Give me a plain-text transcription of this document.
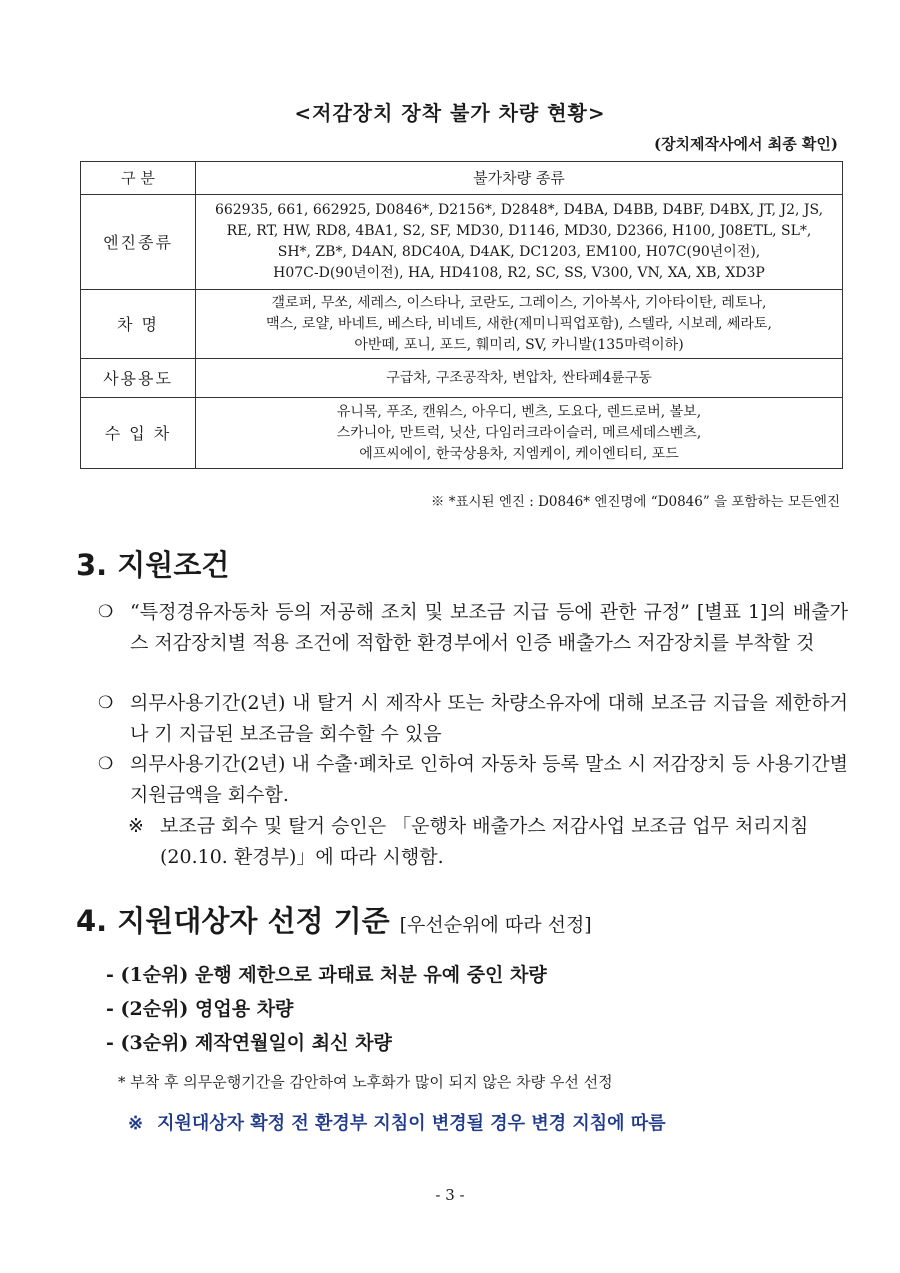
<저감장치 장착 불가 차량 현황>
(장치제작사에서 최종 확인)
구 분	불가차량 종류
엔진종류	662935, 661, 662925, D0846*, D2156*, D2848*, D4BA, D4BB, D4BF, D4BX, JT, J2, JS,
RE, RT, HW, RD8, 4BA1, S2, SF, MD30, D1146, MD30, D2366, H100, J08ETL, SL*,
SH*, ZB*, D4AN, 8DC40A, D4AK, DC1203, EM100, H07C(90년이전),
H07C-D(90년이전), HA, HD4108, R2, SC, SS, V300, VN, XA, XB, XD3P

차 명	갤로퍼, 무쏘, 세레스, 이스타나, 코란도, 그레이스, 기아복사, 기아타이탄, 레토나,
맥스, 로얄, 바네트, 베스타, 비네트, 새한(제미니픽업포함), 스텔라, 시보레, 쎄라토,
아반떼, 포니, 포드, 훼미리, SV, 카니발(135마력이하)

사용용도	구급차, 구조공작차, 변압차, 싼타페4륜구동

수 입 차	유니목, 푸조, 캔워스, 아우디, 벤츠, 도요다, 렌드로버, 볼보,
스카니아, 만트럭, 닛산, 다임러크라이슬러, 메르세데스벤츠,
에프씨에이, 한국상용차, 지엠케이, 케이엔티티, 포드
※ *표시된 엔진 : D0846* 엔진명에 “D0846” 을 포함하는 모든엔진
3. 지원조건
❍ “특정경유자동차 등의 저공해 조치 및 보조금 지급 등에 관한 규정” [별표 1]의 배출가스 저감장치별 적용 조건에 적합한 환경부에서 인증 배출가스 저감장치를 부착할 것
❍ 의무사용기간(2년) 내 탈거 시 제작사 또는 차량소유자에 대해 보조금 지급을 제한하거나 기 지급된 보조금을 회수할 수 있음
❍ 의무사용기간(2년) 내 수출·폐차로 인하여 자동차 등록 말소 시 저감장치 등 사용기간별 지원금액을 회수함.
※ 보조금 회수 및 탈거 승인은 「운행차 배출가스 저감사업 보조금 업무 처리지침(20.10. 환경부)」에 따라 시행함.
4. 지원대상자 선정 기준 [우선순위에 따라 선정]
- (1순위) 운행 제한으로 과태료 처분 유예 중인 차량
- (2순위) 영업용 차량
- (3순위) 제작연월일이 최신 차량
* 부착 후 의무운행기간을 감안하여 노후화가 많이 되지 않은 차량 우선 선정
※ 지원대상자 확정 전 환경부 지침이 변경될 경우 변경 지침에 따름
- 3 -
